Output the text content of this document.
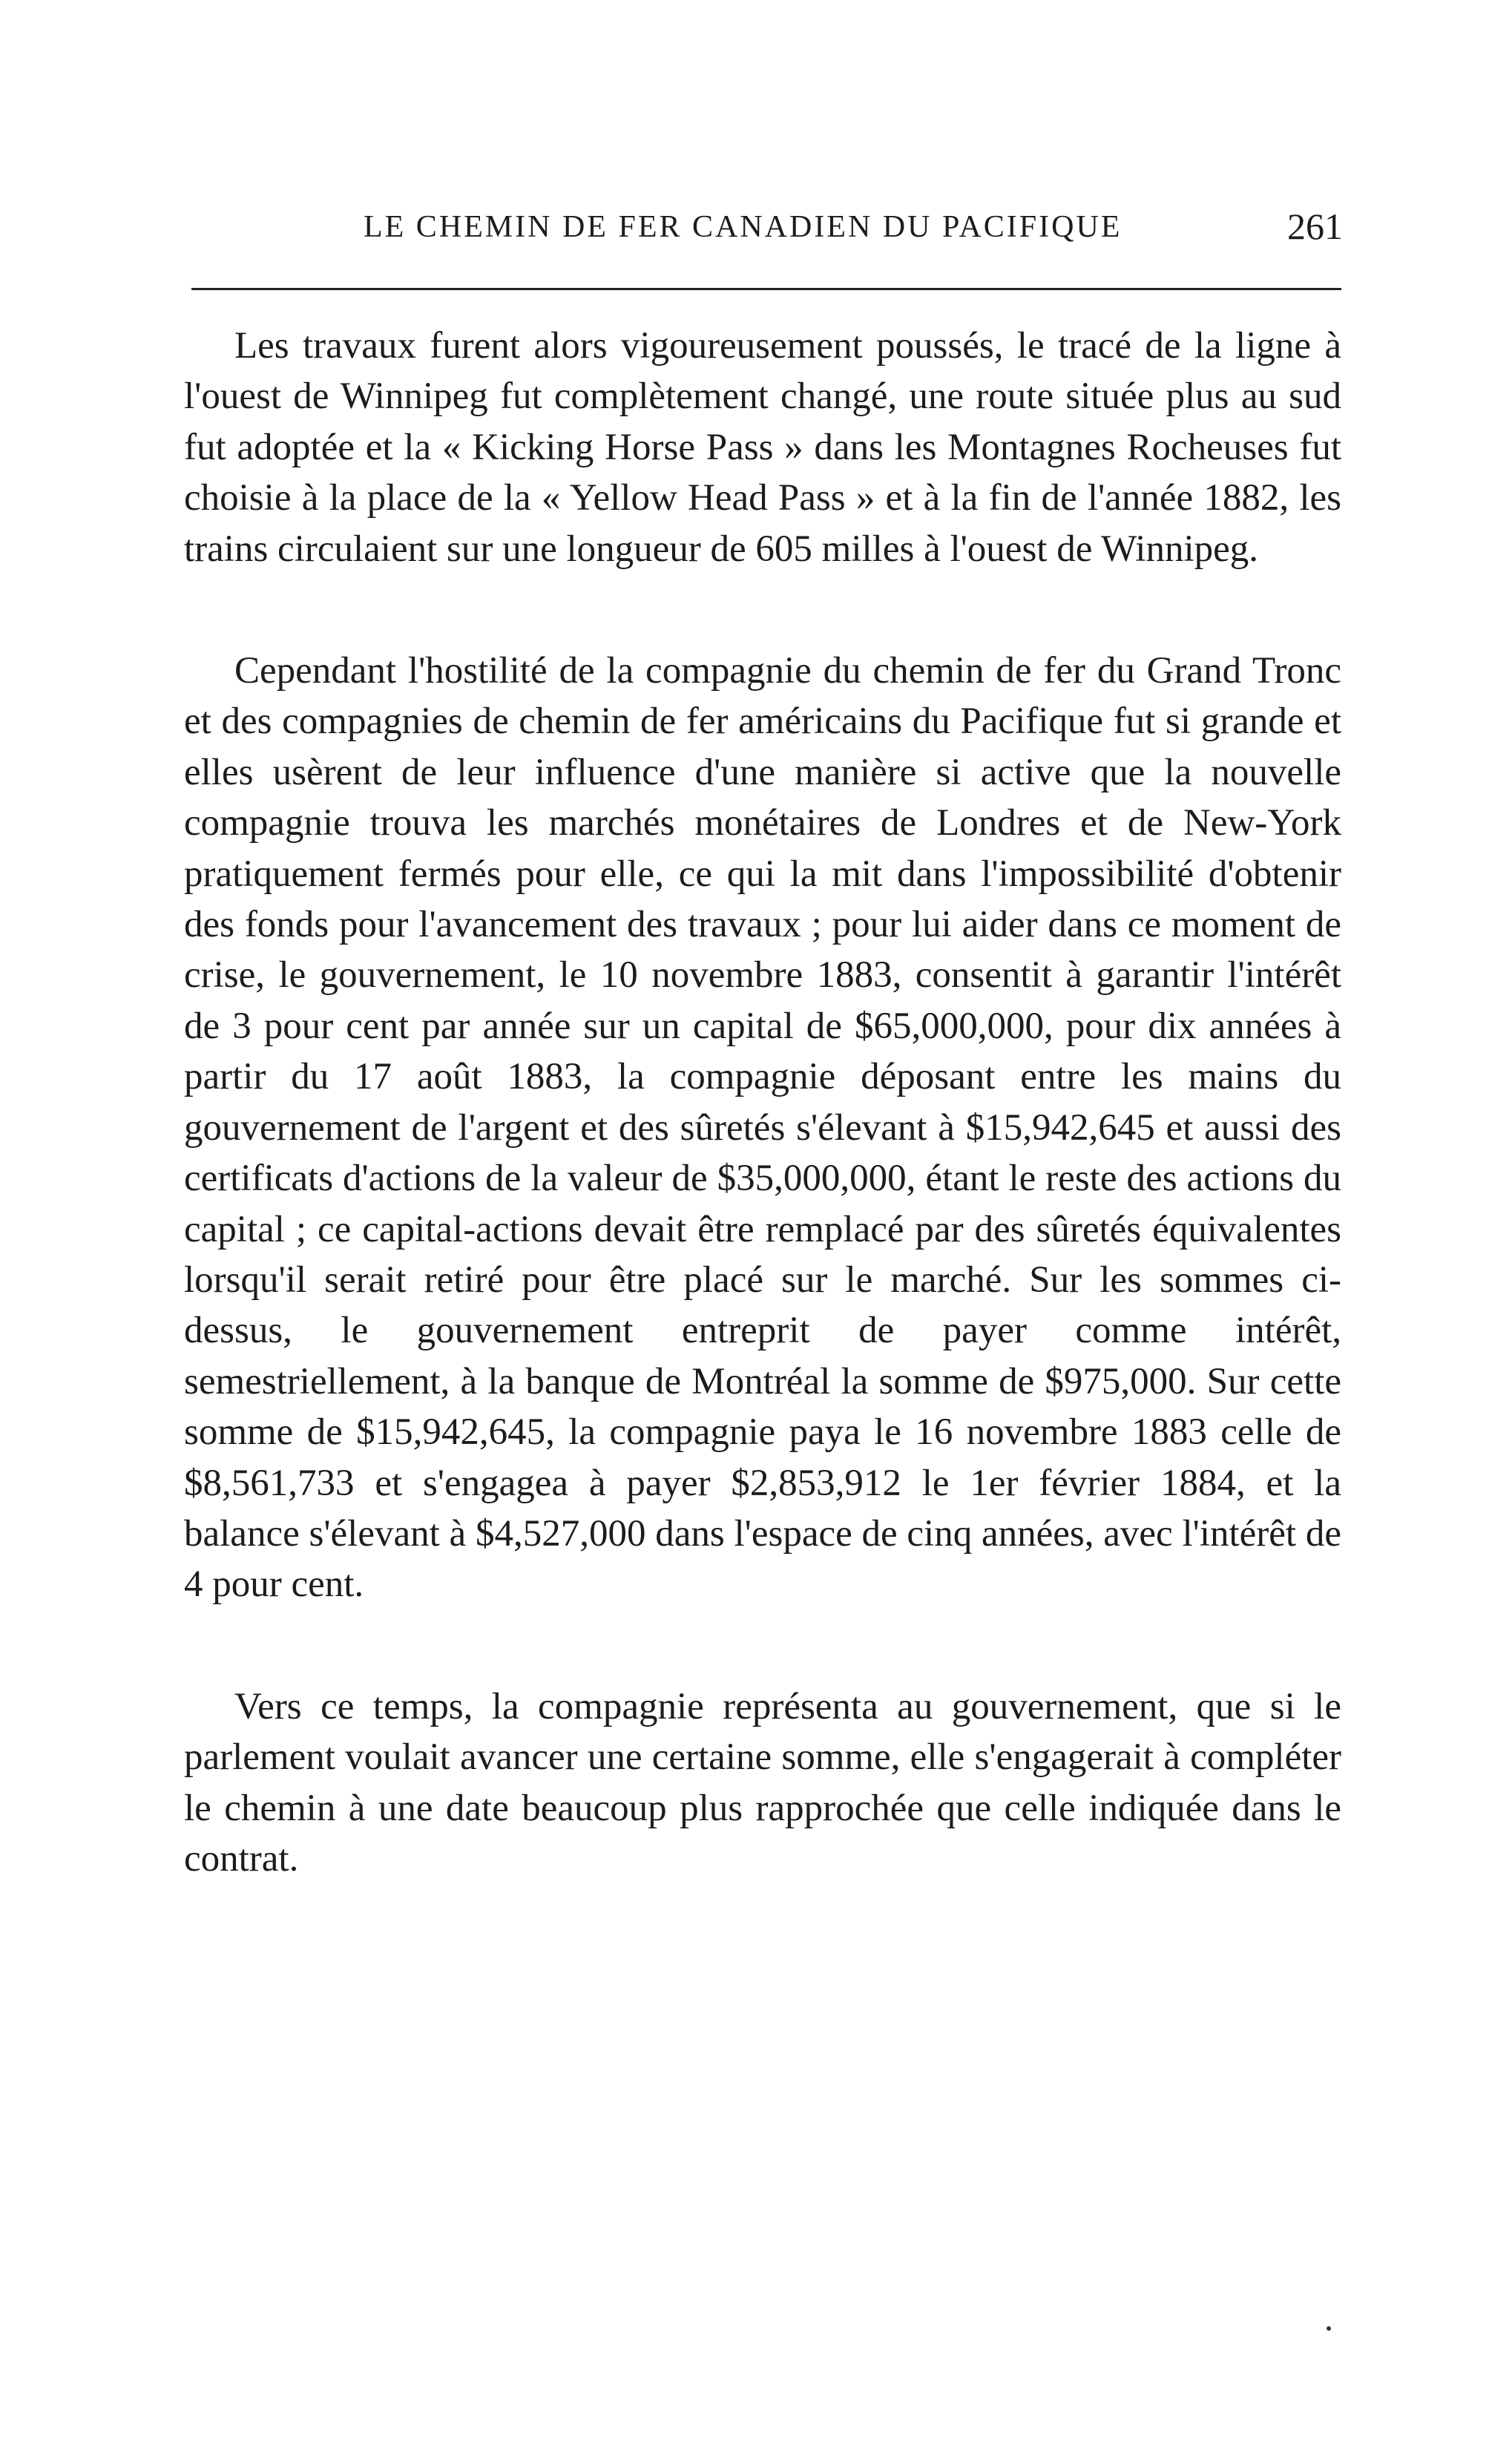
LE CHEMIN DE FER CANADIEN DU PACIFIQUE	261

Les travaux furent alors vigoureusement poussés, le tracé de la ligne à l'ouest de Winnipeg fut complètement changé, une route située plus au sud fut adoptée et la « Kicking Horse Pass » dans les Montagnes Rocheuses fut choisie à la place de la « Yellow Head Pass » et à la fin de l'année 1882, les trains circulaient sur une longueur de 605 milles à l'ouest de Winnipeg.

Cependant l'hostilité de la compagnie du chemin de fer du Grand Tronc et des compagnies de chemin de fer américains du Pacifique fut si grande et elles usèrent de leur influence d'une manière si active que la nouvelle compagnie trouva les marchés monétaires de Londres et de New-York pratiquement fermés pour elle, ce qui la mit dans l'impossibilité d'obtenir des fonds pour l'avancement des travaux ; pour lui aider dans ce moment de crise, le gouvernement, le 10 novembre 1883, consentit à garantir l'intérêt de 3 pour cent par année sur un capital de $65,000,000, pour dix années à partir du 17 août 1883, la compagnie déposant entre les mains du gouvernement de l'argent et des sûretés s'élevant à $15,942,645 et aussi des certificats d'actions de la valeur de $35,000,000, étant le reste des actions du capital ; ce capital-actions devait être remplacé par des sûretés équivalentes lorsqu'il serait retiré pour être placé sur le marché. Sur les sommes ci-dessus, le gouvernement entreprit de payer comme intérêt, semestriellement, à la banque de Montréal la somme de $975,000. Sur cette somme de $15,942,645, la compagnie paya le 16 novembre 1883 celle de $8,561,733 et s'engagea à payer $2,853,912 le 1er février 1884, et la balance s'élevant à $4,527,000 dans l'espace de cinq années, avec l'intérêt de 4 pour cent.

Vers ce temps, la compagnie représenta au gouvernement, que si le parlement voulait avancer une certaine somme, elle s'engagerait à compléter le chemin à une date beaucoup plus rapprochée que celle indiquée dans le contrat.
